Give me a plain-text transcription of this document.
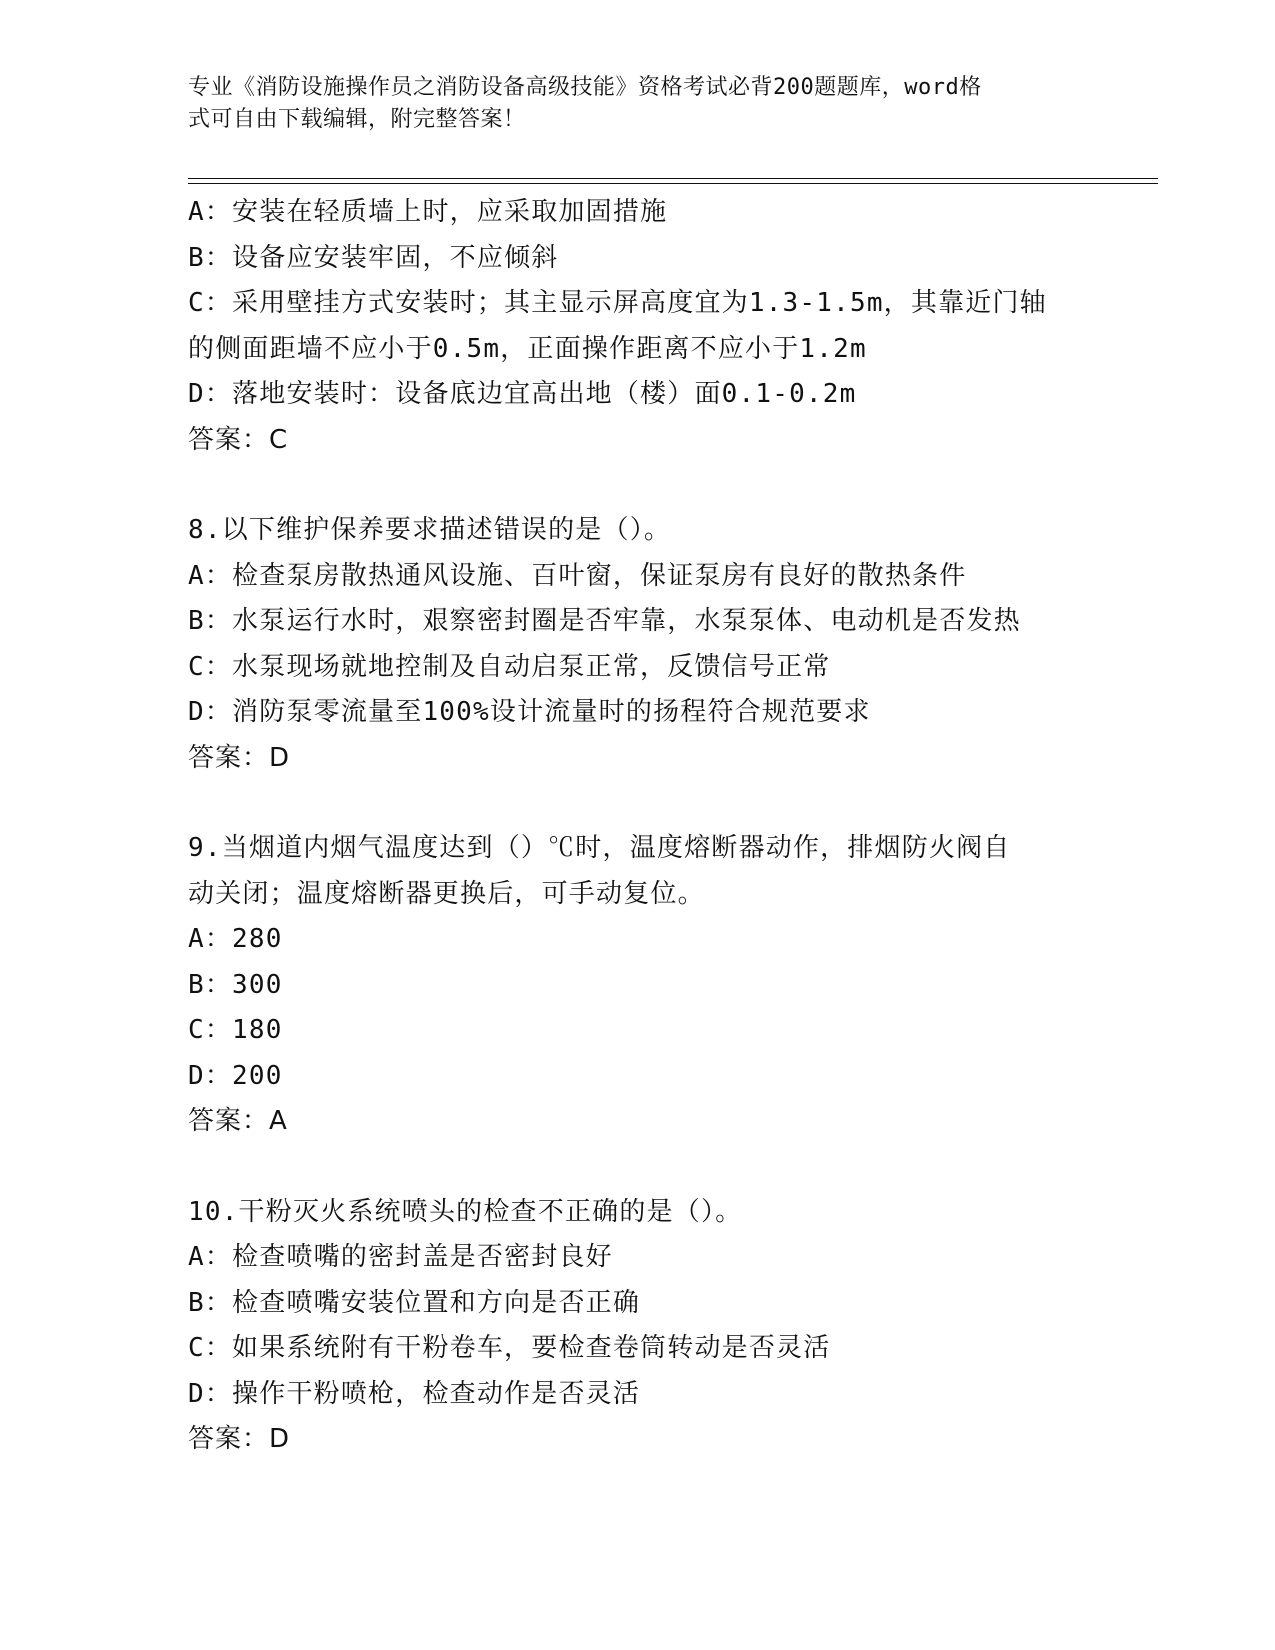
专业《消防设施操作员之消防设备高级技能》资格考试必背200题题库，word格
式可自由下载编辑，附完整答案！
A：安装在轻质墙上时，应采取加固措施
B：设备应安装牢固，不应倾斜
C：采用壁挂方式安装时；其主显示屏高度宜为1.3-1.5m，其靠近门轴
的侧面距墙不应小于0.5m，正面操作距离不应小于1.2m
D：落地安装时：设备底边宜高出地（楼）面0.1-0.2m
答案：C
8.以下维护保养要求描述错误的是（）。
A：检查泵房散热通风设施、百叶窗，保证泵房有良好的散热条件
B：水泵运行水时，艰察密封圈是否牢靠，水泵泵体、电动机是否发热
C：水泵现场就地控制及自动启泵正常，反馈信号正常
D：消防泵零流量至100%设计流量时的扬程符合规范要求
答案：D
9.当烟道内烟气温度达到（）℃时，温度熔断器动作，排烟防火阀自
动关闭；温度熔断器更换后，可手动复位。
A：280
B：300
C：180
D：200
答案：A
10.干粉灭火系统喷头的检查不正确的是（）。
A：检查喷嘴的密封盖是否密封良好
B：检查喷嘴安装位置和方向是否正确
C：如果系统附有干粉卷车，要检查卷筒转动是否灵活
D：操作干粉喷枪，检查动作是否灵活
答案：D
